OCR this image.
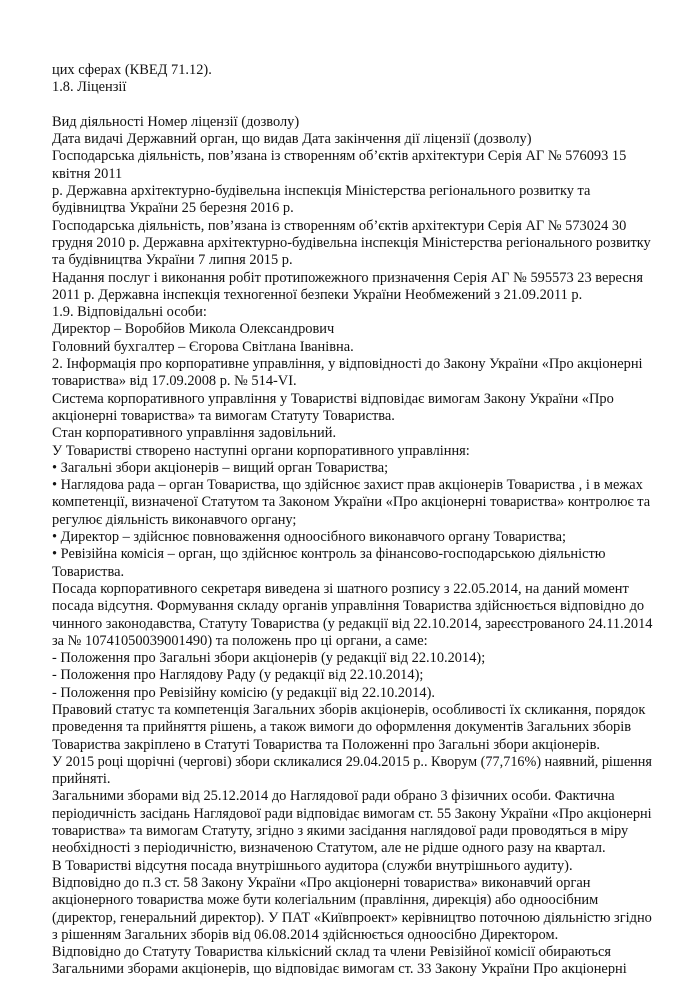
цих сферах (КВЕД 71.12).
1.8. Ліцензії
Вид діяльності Номер ліцензії (дозволу)
Дата видачі Державний орган, що видав Дата закінчення дії ліцензії (дозволу)
Господарська діяльність, пов’язана із створенням об’єктів архітектури Серія АГ № 576093 15
квітня 2011
р. Державна архітектурно-будівельна інспекція Міністерства регіонального розвитку та
будівництва України 25 березня 2016 р.
Господарська діяльність, пов’язана із створенням об’єктів архітектури Серія АГ № 573024 30
грудня 2010 р. Державна архітектурно-будівельна інспекція Міністерства регіонального розвитку
та будівництва України 7 липня 2015 р.
Надання послуг і виконання робіт протипожежного призначення Серія АГ № 595573 23 вересня
2011 р. Державна інспекція техногенної безпеки України Необмежений з 21.09.2011 р.
1.9. Відповідальні особи:
Директор – Воробйов Микола Олександрович
Головний бухгалтер – Єгорова Світлана Іванівна.
2. Інформація про корпоративне управління, у відповідності до Закону України «Про акціонерні
товариства» від 17.09.2008 р. № 514-VI.
Система корпоративного управління у Товаристві відповідає вимогам Закону України «Про
акціонерні товариства» та вимогам Статуту Товариства.
Стан корпоративного управління задовільний.
У Товаристві створено наступні органи корпоративного управління:
• Загальні збори акціонерів – вищий орган Товариства;
• Наглядова рада – орган Товариства, що здійснює захист прав акціонерів Товариства , і в межах
компетенції, визначеної Статутом та Законом України «Про акціонерні товариства» контролює та
регулює діяльність виконавчого органу;
• Директор – здійснює повноваження одноосібного виконавчого органу Товариства;
• Ревізійна комісія – орган, що здійснює контроль за фінансово-господарською діяльністю
Товариства.
Посада корпоративного секретаря виведена зі шатного розпису з 22.05.2014, на даний момент
посада відсутня. Формування складу органів управління Товариства здійснюється відповідно до
чинного законодавства, Статуту Товариства (у редакції від 22.10.2014, зареєстрованого 24.11.2014
за № 10741050039001490) та положень про ці органи, а саме:
- Положення про Загальні збори акціонерів (у редакції від 22.10.2014);
- Положення про Наглядову Раду (у редакції від 22.10.2014);
- Положення про Ревізійну комісію (у редакції від 22.10.2014).
Правовий статус та компетенція Загальних зборів акціонерів, особливості їх скликання, порядок
проведення та прийняття рішень, а також вимоги до оформлення документів Загальних зборів
Товариства закріплено в Статуті Товариства та Положенні про Загальні збори акціонерів.
У 2015 році щорічні (чергові) збори скликалися 29.04.2015 р.. Кворум (77,716%) наявний, рішення
прийняті.
Загальними зборами від 25.12.2014 до Наглядової ради обрано 3 фізичних особи. Фактична
періодичність засідань Наглядової ради відповідає вимогам ст. 55 Закону України «Про акціонерні
товариства» та вимогам Статуту, згідно з якими засідання наглядової ради проводяться в міру
необхідності з періодичністю, визначеною Статутом, але не рідше одного разу на квартал.
В Товаристві відсутня посада внутрішнього аудитора (служби внутрішнього аудиту).
Відповідно до п.3 ст. 58 Закону України «Про акціонерні товариства» виконавчий орган
акціонерного товариства може бути колегіальним (правління, дирекція) або одноосібним
(директор, генеральний директор). У ПАТ «Київпроект» керівництво поточною діяльністю згідно
з рішенням Загальних зборів від 06.08.2014 здійснюється одноосібно Директором.
Відповідно до Статуту Товариства кількісний склад та члени Ревізійної комісії обираються
Загальними зборами акціонерів, що відповідає вимогам ст. 33 Закону України Про акціонерні
